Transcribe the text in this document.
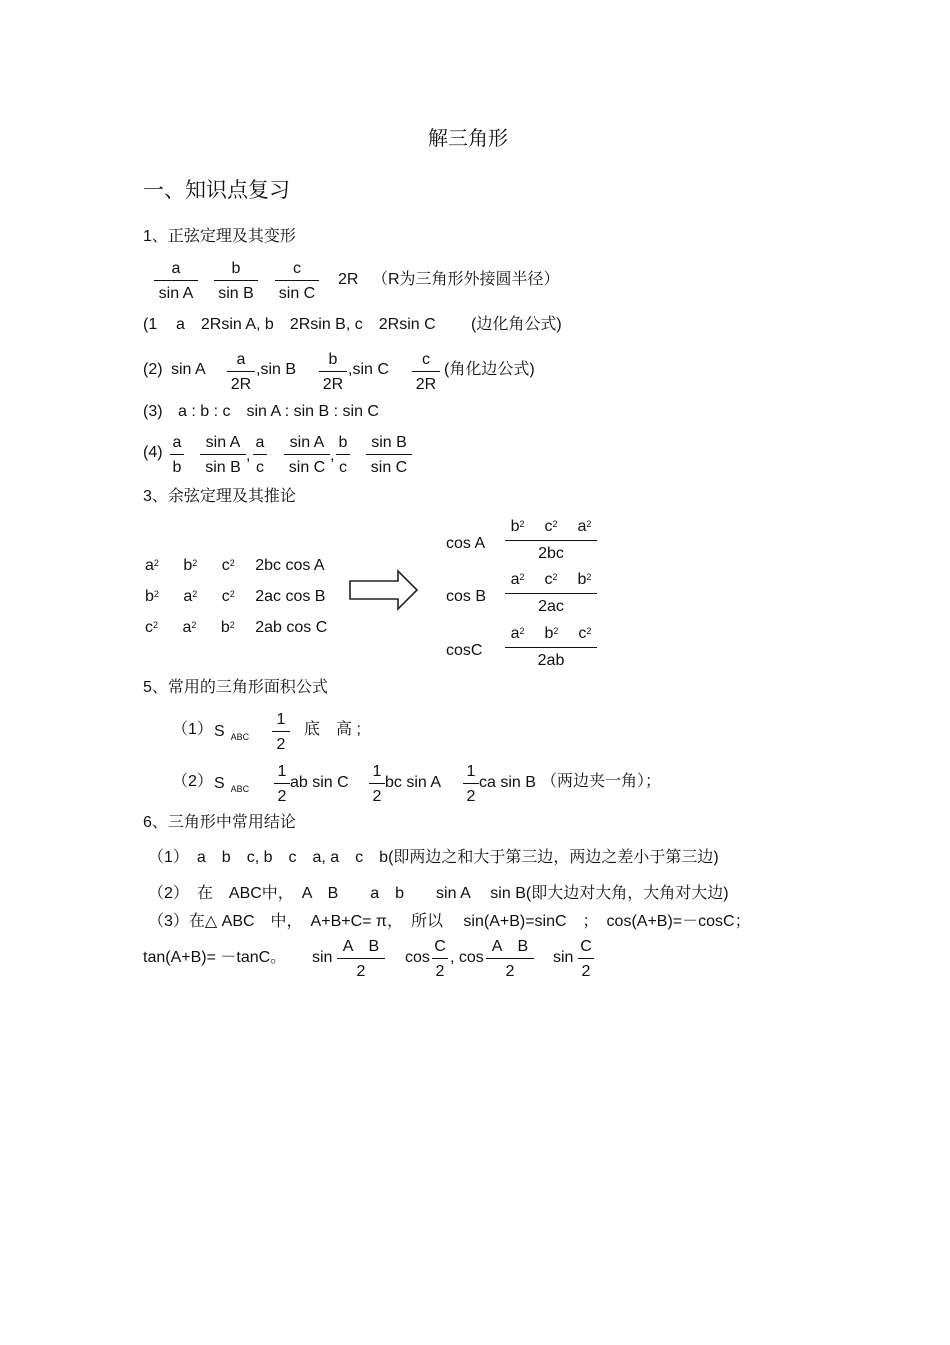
解三角形
一、知识点复习
1、正弦定理及其变形
a
sin A
b
sin B
c
sin C
2R （R为三角形外接圆半径）
(1 a　2Rsin A, b　2Rsin B, c　2Rsin C (边化角公式)
(2) sin A
a
2R
,sin B
b
2R
,sin C
c
2R
(角化边公式)
(3) a : b : c　sin A : sin B : sin C
(4)
a
b
sin A
sin B
,
a
c
sin A
sin C
,
b
c
sin B
sin C
3、余弦定理及其推论
$a^2$ $b^2$ $c^2$ 2bc cos A
$b^2$ $a^2$ $c^2$ 2ac cos B
$c^2$ $a^2$ $b^2$ 2ab cos C
cos A
$b^2$ $c^2$ $a^2$
2bc
cos B
$a^2$ $c^2$ $b^2$
2ac
cosC
$a^2$ $b^2$ $c^2$
2ab
5、常用的三角形面积公式
（1） S $_{ABC}$
1
2
底　高 ;
（2） S $_{ABC}$
1
2
ab sin C
1
2
bc sin A
1
2
ca sin B （两边夹一角）；
6、三角形中常用结论
（1）　a　b　c, b　c　a, a　c　b(即两边之和大于第三边，两边之差小于第三边)
（2）　在　ABC中，　A　B　　a　b　　sin A　 sin B(即大边对大角，大角对大边)
（3）在△ ABC　中，　A+B+C= π，　所以　 sin(A+B)=sinC　；　cos(A+B)=－cosC；
tan(A+B)= －tanC。 sin
A　B
2
cos
C
2
, cos
A　B
2
sin
C
2
